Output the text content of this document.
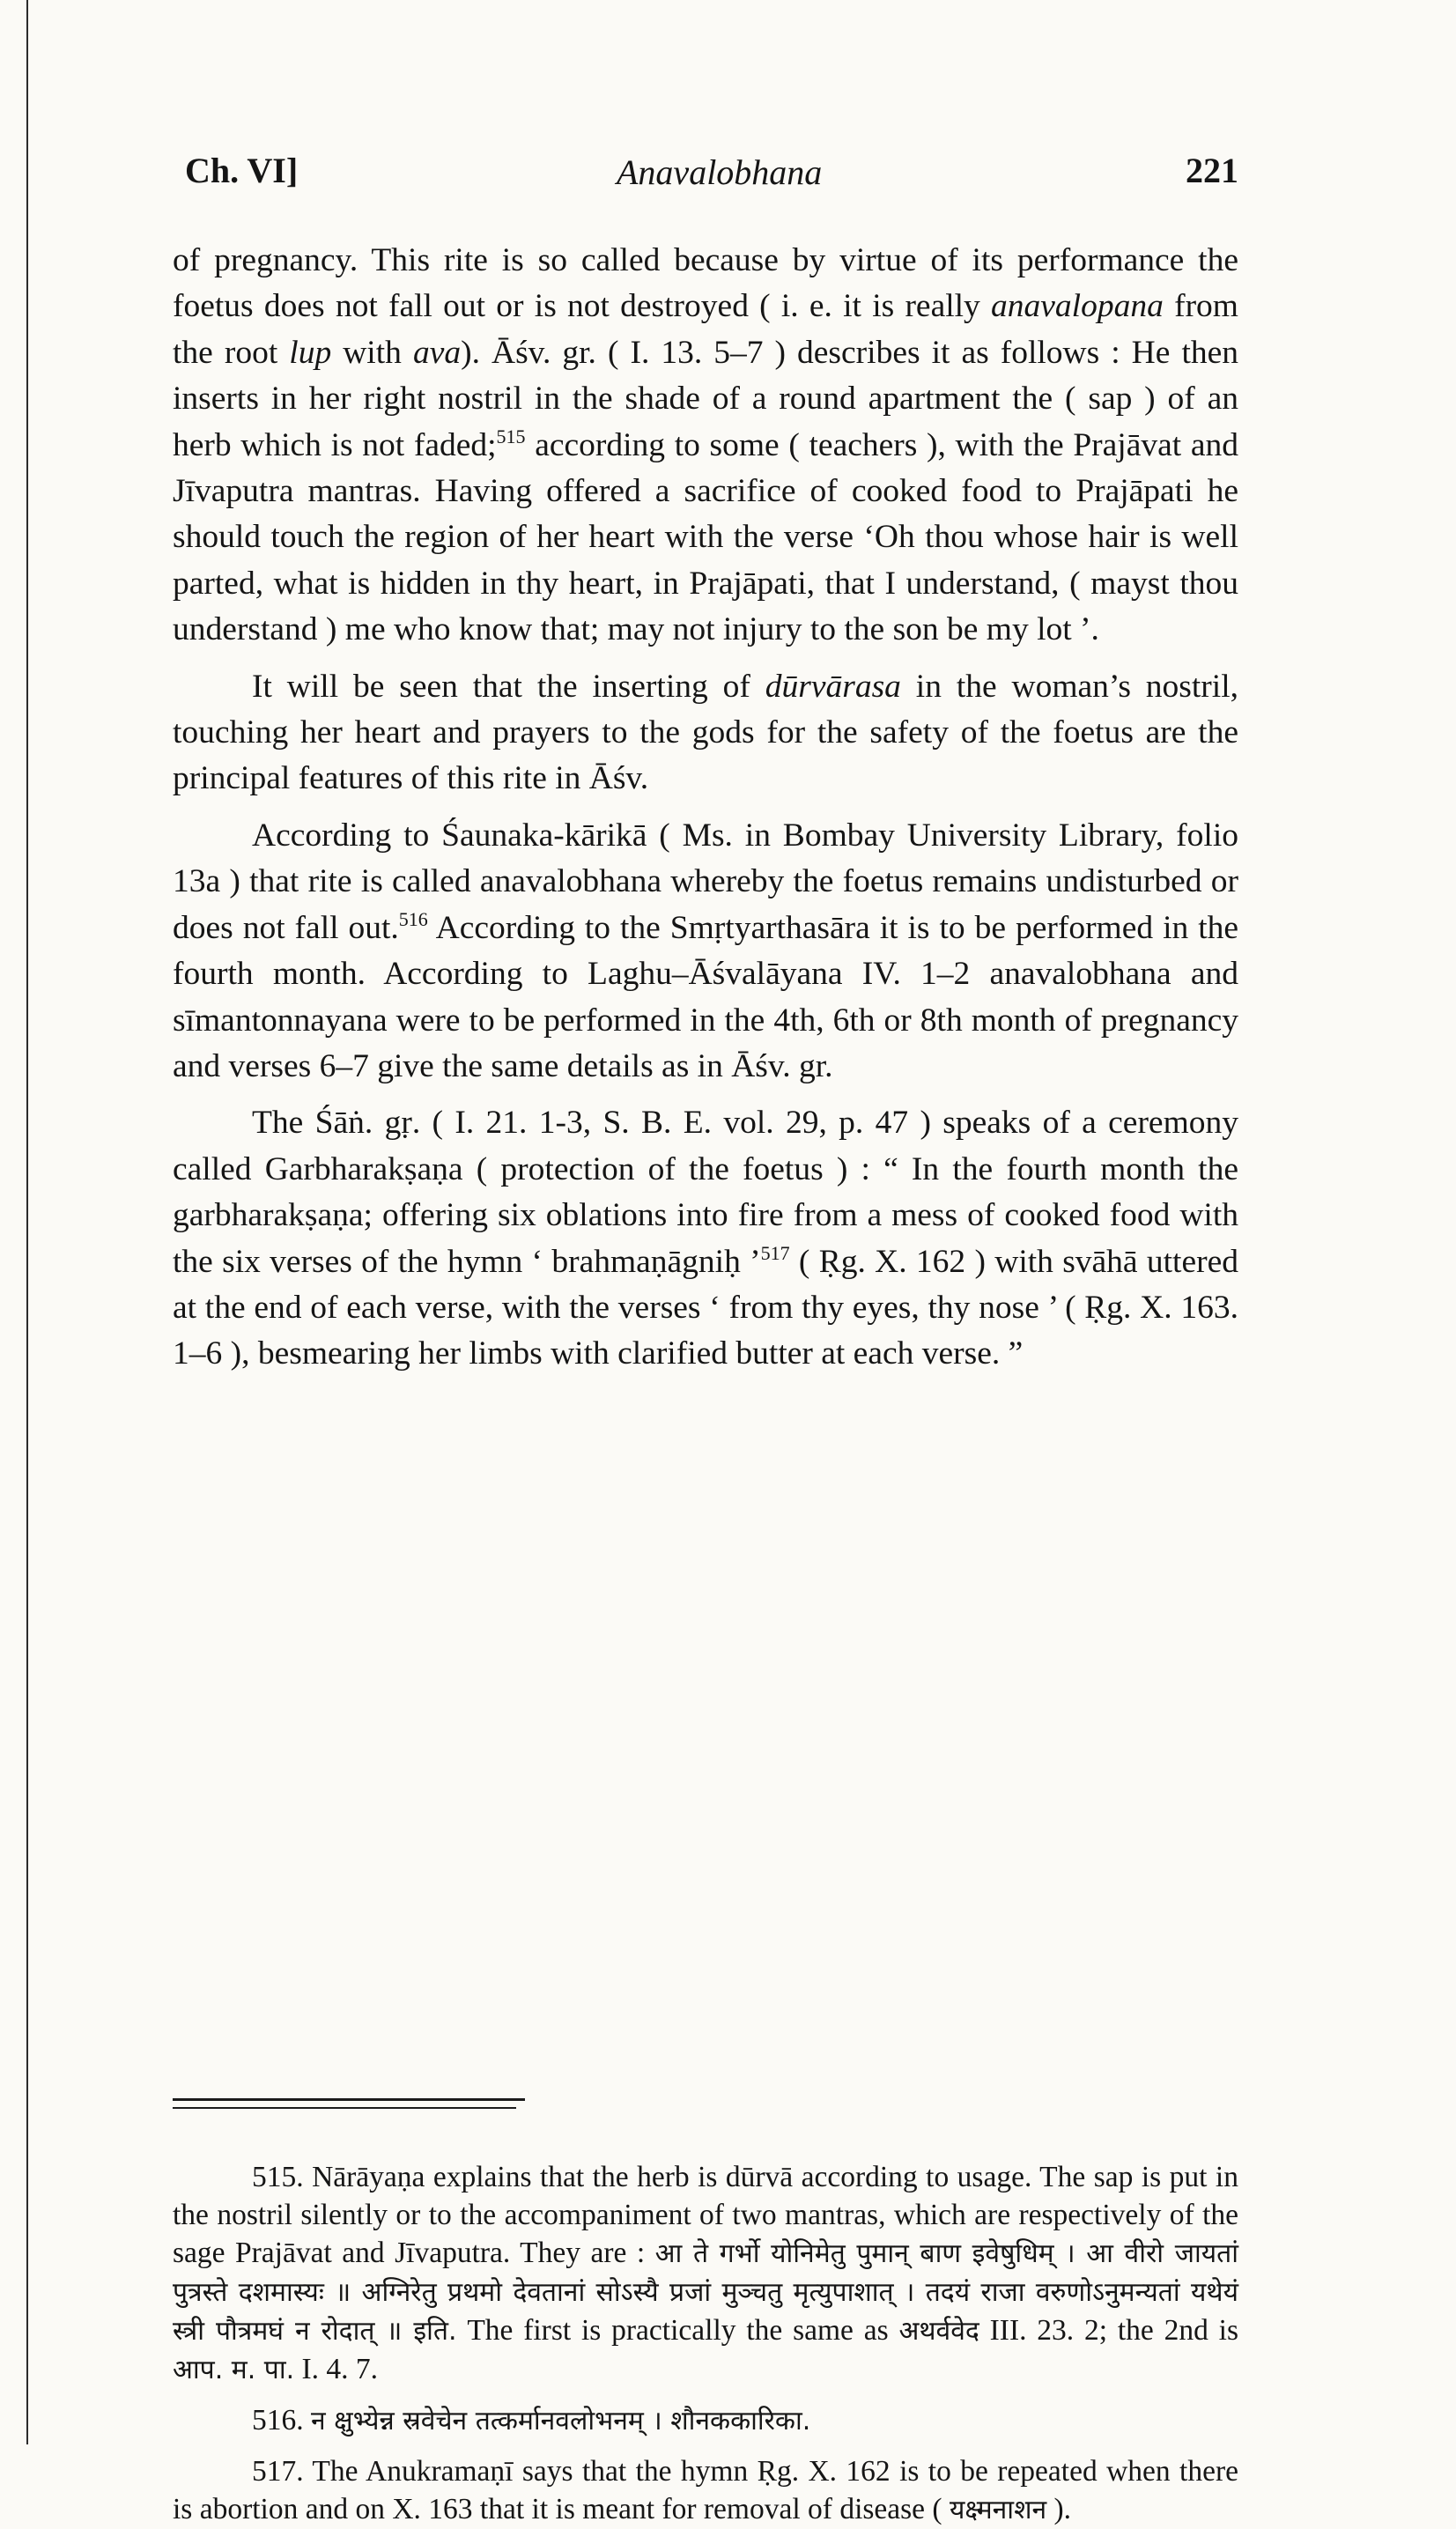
Ch. VI]	Anavalobhana	221

of pregnancy. This rite is so called because by virtue of its performance the foetus does not fall out or is not destroyed ( i. e. it is really anavalopana from the root lup with ava). Āśv. gr. ( I. 13. 5–7 ) describes it as follows : He then inserts in her right nostril in the shade of a round apartment the ( sap ) of an herb which is not faded;$^{515}$ according to some ( teachers ), with the Prajāvat and Jīvaputra mantras. Having offered a sacrifice of cooked food to Prajāpati he should touch the region of her heart with the verse ‘Oh thou whose hair is well parted, what is hidden in thy heart, in Prajāpati, that I understand, ( mayst thou understand ) me who know that; may not injury to the son be my lot ’.

It will be seen that the inserting of dūrvārasa in the woman’s nostril, touching her heart and prayers to the gods for the safety of the foetus are the principal features of this rite in Āśv.

According to Śaunaka-kārikā ( Ms. in Bombay University Library, folio 13a ) that rite is called anavalobhana whereby the foetus remains undisturbed or does not fall out.$^{516}$ According to the Smṛtyarthasāra it is to be performed in the fourth month. According to Laghu–Āśvalāyana IV. 1–2 anavalobhana and sīmantonnayana were to be performed in the 4th, 6th or 8th month of pregnancy and verses 6–7 give the same details as in Āśv. gr.

The Śāṅ. gṛ. ( I. 21. 1-3, S. B. E. vol. 29, p. 47 ) speaks of a ceremony called Garbharakṣaṇa ( protection of the foetus ) : “ In the fourth month the garbharakṣaṇa; offering six oblations into fire from a mess of cooked food with the six verses of the hymn ‘ brahmaṇāgniḥ ’$^{517}$ ( Ṛg. X. 162 ) with svāhā uttered at the end of each verse, with the verses ‘ from thy eyes, thy nose ’ ( Ṛg. X. 163. 1–6 ), besmearing her limbs with clarified butter at each verse. ”

515. Nārāyaṇa explains that the herb is dūrvā according to usage. The sap is put in the nostril silently or to the accompaniment of two mantras, which are respectively of the sage Prajāvat and Jīvaputra. They are : आ ते गर्भो योनिमेतु पुमान् बाण इवेषुधिम् । आ वीरो जायतां पुत्रस्ते दशमास्यः ॥ अग्निरेतु प्रथमो देवतानां सोऽस्यै प्रजां मुञ्चतु मृत्युपाशात् । तदयं राजा वरुणोऽनुमन्यतां यथेयं स्त्री पौत्रमघं न रोदात् ॥ इति. The first is practically the same as अथर्ववेद III. 23. 2; the 2nd is आप. म. पा. I. 4. 7.

516. न क्षुभ्येन्न स्रवेचेन तत्कर्मानवलोभनम् । शौनककारिका.

517. The Anukramaṇī says that the hymn Ṛg. X. 162 is to be repeated when there is abortion and on X. 163 that it is meant for removal of disease ( यक्ष्मनाशन ).
